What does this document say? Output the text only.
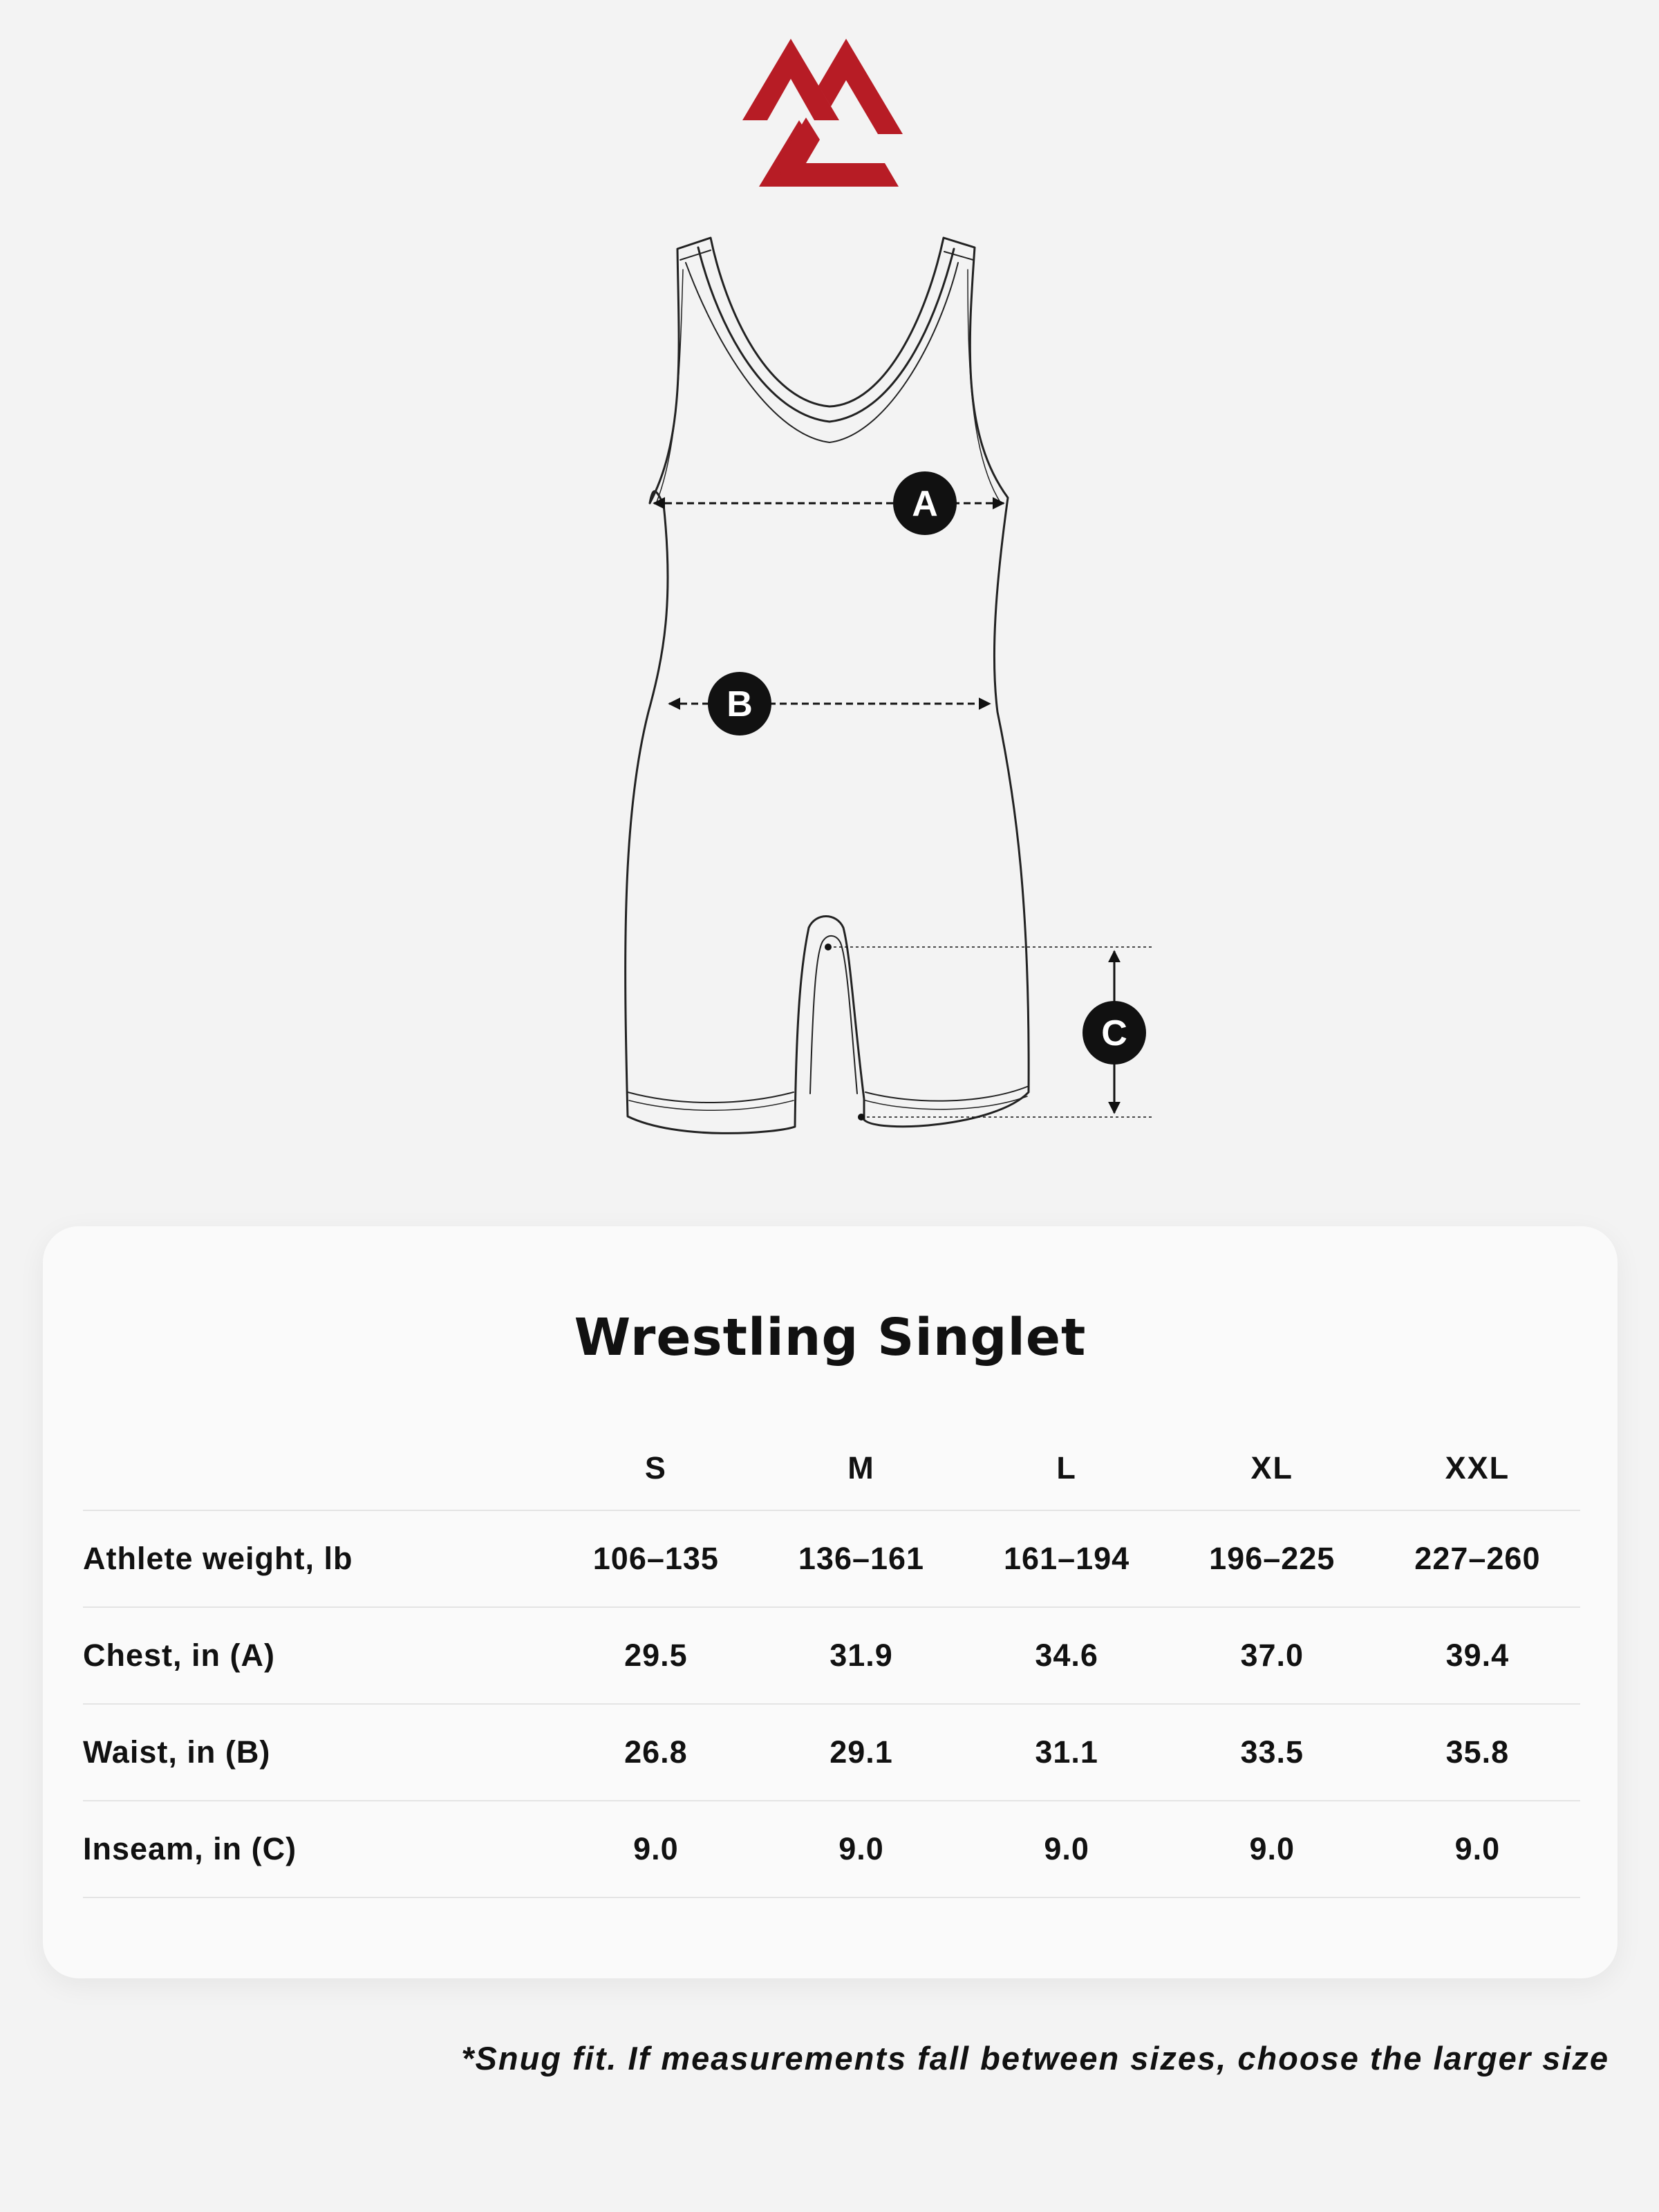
A
B
C
Wrestling Singlet
	S	M	L	XL	XXL
Athlete weight, lb	106–135	136–161	161–194	196–225	227–260
Chest, in (A)	29.5	31.9	34.6	37.0	39.4
Waist, in (B)	26.8	29.1	31.1	33.5	35.8
Inseam, in (C)	9.0	9.0	9.0	9.0	9.0
*Snug fit. If measurements fall between sizes, choose the larger size
